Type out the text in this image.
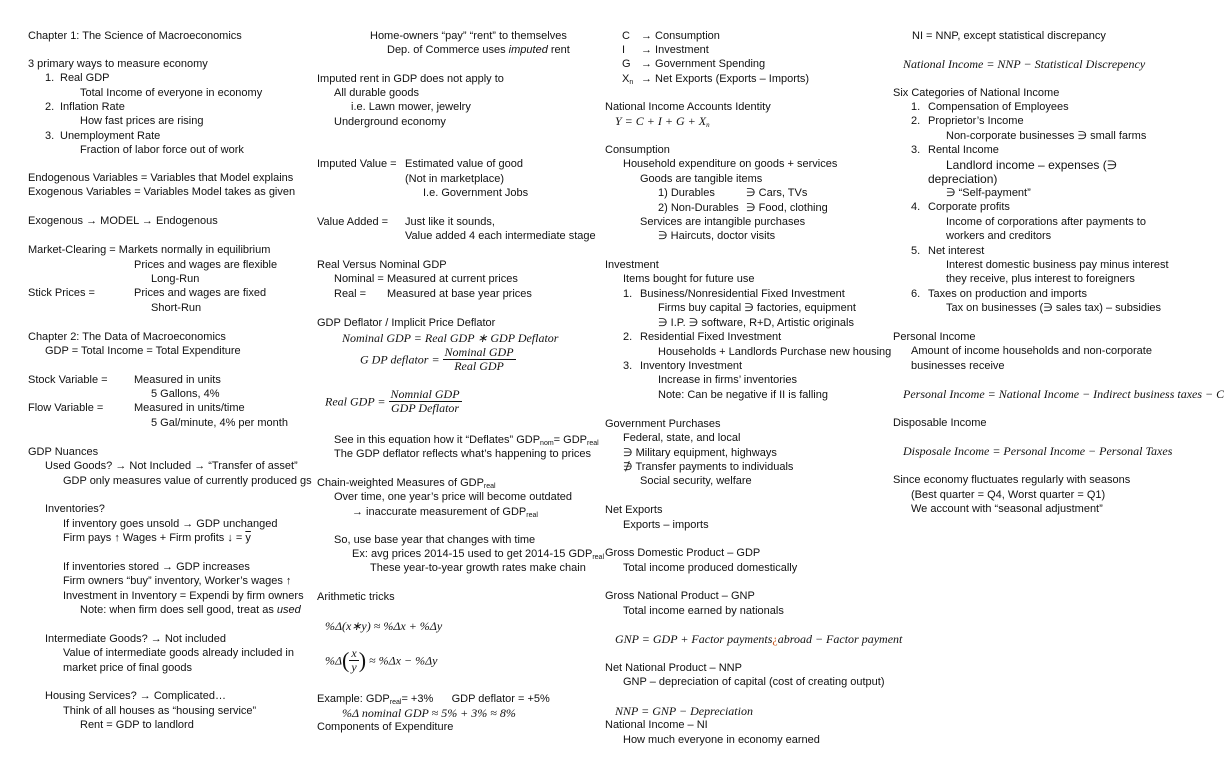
Chapter 1: The Science of Macroeconomics
3 primary ways to measure economy
1. Real GDP
Total Income of everyone in economy
2. Inflation Rate
How fast prices are rising
3. Unemployment Rate
Fraction of labor force out of work
Endogenous Variables = Variables that Model explains
Exogenous Variables = Variables Model takes as given
Exogenous → MODEL → Endogenous
Market-Clearing = Markets normally in equilibrium
Prices and wages are flexible
Long-Run
Stick Prices =	Prices and wages are fixed
Short-Run
Chapter 2: The Data of Macroeconomics
GDP = Total Income = Total Expenditure
Stock Variable = Measured in units
5 Gallons, 4%
Flow Variable =	Measured in units/time
5 Gal/minute, 4% per month
GDP Nuances
Used Goods? → Not Included → “Transfer of asset”
GDP only measures value of currently produced gs
Inventories?
If inventory goes unsold → GDP unchanged
Firm pays ↑ Wages + Firm profits ↓ = $\overline{y}$
If inventories stored → GDP increases
Firm owners “buy” inventory, Worker’s wages ↑
Investment in Inventory = Expendi by firm owners
Note: when firm does sell good, treat as used
Intermediate Goods? → Not included
Value of intermediate goods already included in
market price of final goods
Housing Services? → Complicated…
Think of all houses as “housing service”
Rent = GDP to landlord
Home-owners “pay” “rent” to themselves
Dep. of Commerce uses imputed rent
Imputed rent in GDP does not apply to
All durable goods
i.e. Lawn mower, jewelry
Underground economy
Imputed Value = Estimated value of good
(Not in marketplace)
I.e. Government Jobs
Value Added = Just like it sounds,
Value added 4 each intermediate stage
Real Versus Nominal GDP
Nominal = Measured at current prices
Real = Measured at base year prices
GDP Deflator / Implicit Price Deflator
Nominal GDP = Real GDP ∗ GDP Deflator
G DP deflator = $\frac{\text{Nominal GDP}}{\text{Real GDP}}$
Real GDP = $\frac{\text{Nomnial GDP}}{\text{GDP Deflator}}$
See in this equation how it “Deflates” $GDP_{nom}= GDP_{real}$
The GDP deflator reflects what’s happening to prices
Chain-weighted Measures of $GDP_{real}$
Over time, one year’s price will become outdated
→ inaccurate measurement of $GDP_{real}$
So, use base year that changes with time
Ex: avg prices 2014-15 used to get 2014-15 $GDP_{real}$
These year-to-year growth rates make chain
Arithmetic tricks
%Δ(x∗y) ≈ %Δx + %Δy
$\%\Delta( \frac{x}{y}$ ) ≈ %Δx − %Δy
Example: $GDP_{real}= +3\%$      GDP deflator = +5%
%Δ nominal GDP ≈ 5% + 3% ≈ 8%
Components of Expenditure
C → Consumption
I → Investment
G → Government Spending
$X_n$ → Net Exports (Exports – Imports)
National Income Accounts Identity
$Y = C + I + G + X_n$
Consumption
Household expenditure on goods + services
Goods are tangible items
1) Durables	∋ Cars, TVs
2) Non-Durables ∋ Food, clothing
Services are intangible purchases
∋ Haircuts, doctor visits
Investment
Items bought for future use
1. Business/Nonresidential Fixed Investment
Firms buy capital ∋ factories, equipment
∋ I.P. ∋ software, R+D, Artistic originals
2. Residential Fixed Investment
Households + Landlords Purchase new housing
3. Inventory Investment
Increase in firms’ inventories
Note: Can be negative if II is falling
Government Purchases
Federal, state, and local
∋ Military equipment, highways
∌ Transfer payments to individuals
Social security, welfare
Net Exports
Exports – imports
Gross Domestic Product – GDP
Total income produced domestically
Gross National Product – GNP
Total income earned by nationals
GNP = GDP + Factor payments¿abroad − Factor payment
Net National Product – NNP
GNP – depreciation of capital (cost of creating output)
NNP = GNP − Depreciation
National Income – NI
How much everyone in economy earned
NI = NNP, except statistical discrepancy
National Income = NNP − Statistical Discrepency
Six Categories of National Income
1. Compensation of Employees
2. Proprietor’s Income
Non-corporate businesses ∋ small farms
3. Rental Income
Landlord income – expenses (∋
depreciation)
∋ “Self-payment”
4. Corporate profits
Income of corporations after payments to
workers and creditors
5. Net interest
Interest domestic business pay minus interest
they receive, plus interest to foreigners
6. Taxes on production and imports
Tax on businesses (∋ sales tax) – subsidies
Personal Income
Amount of income households and non-corporate
businesses receive
Personal Income = National Income − Indirect business taxes − C
Disposable Income
Disposale Income = Personal Income − Personal Taxes
Since economy fluctuates regularly with seasons
(Best quarter = Q4, Worst quarter = Q1)
We account with “seasonal adjustment”
